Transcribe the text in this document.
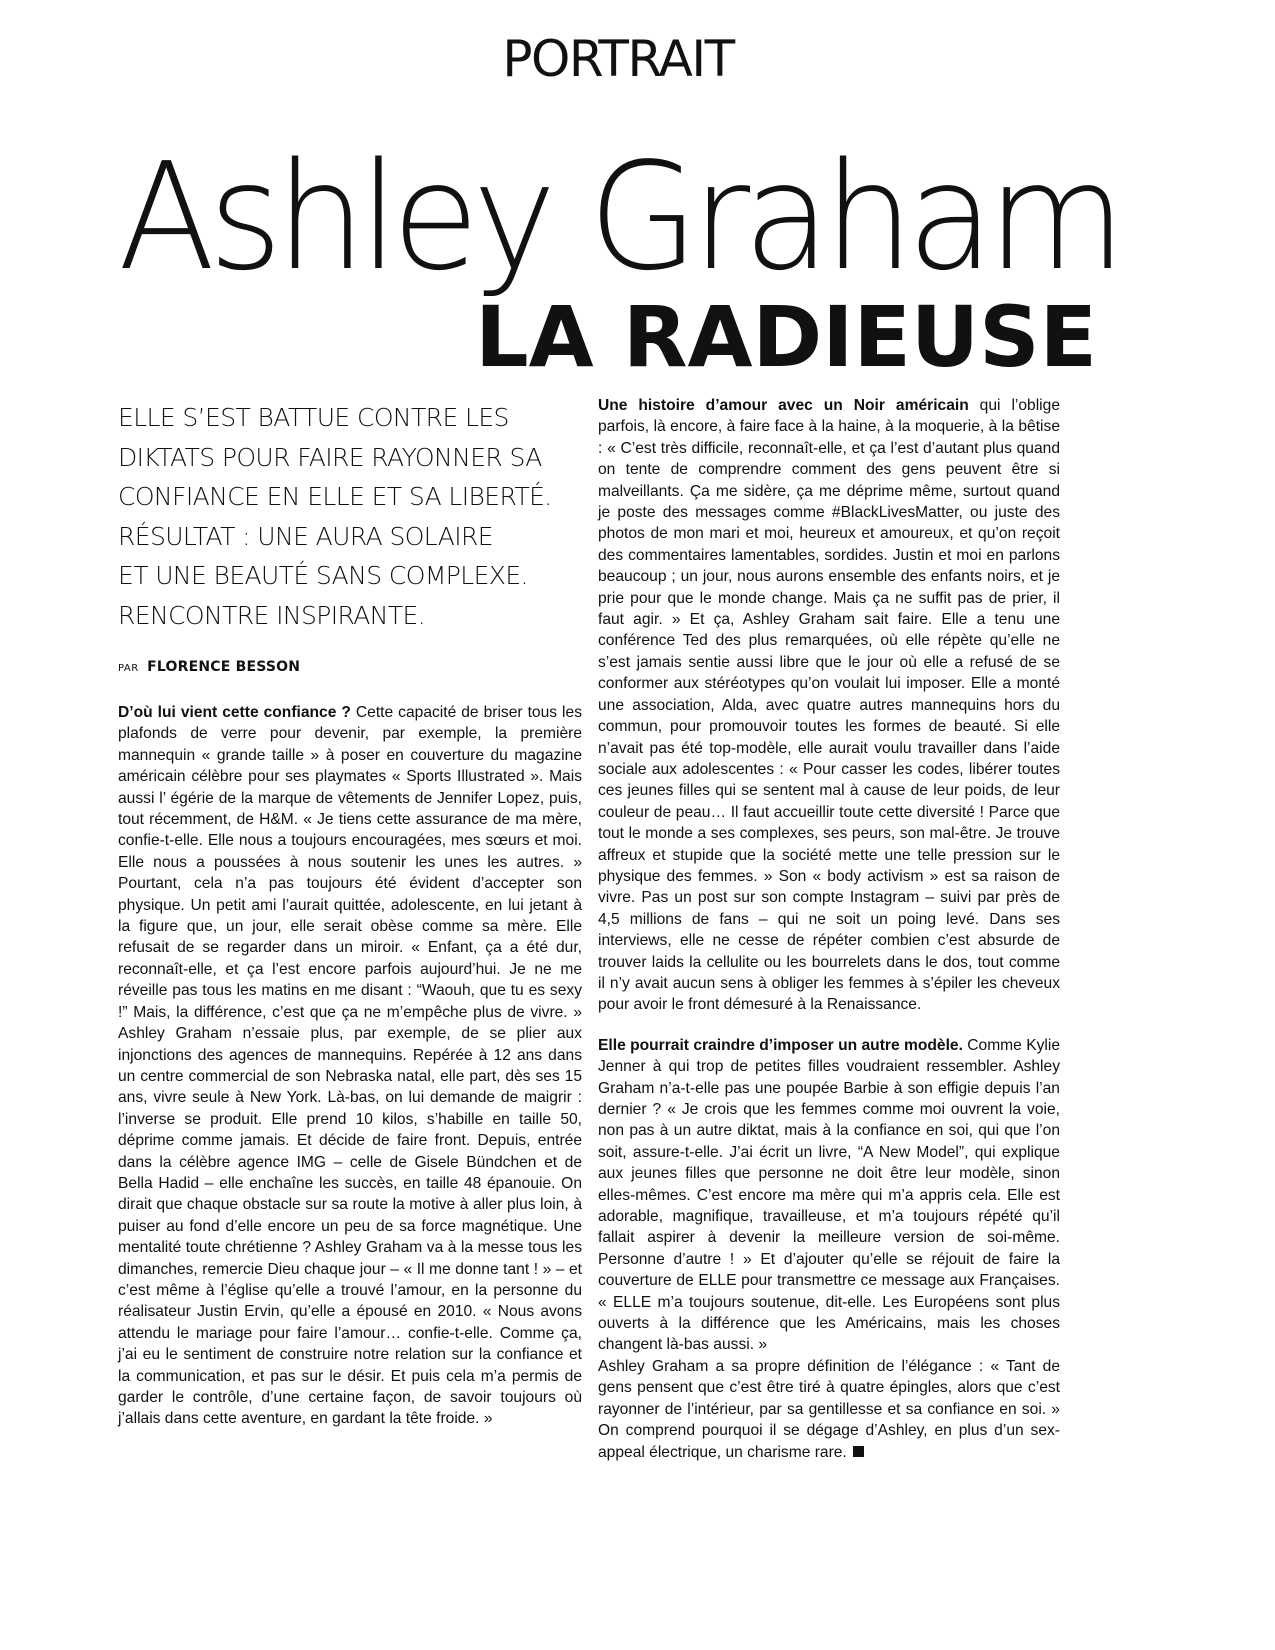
PORTRAIT
Ashley Graham
LA RADIEUSE
ELLE S’EST BATTUE CONTRE LES
DIKTATS POUR FAIRE RAYONNER SA
CONFIANCE EN ELLE ET SA LIBERTÉ.
RÉSULTAT : UNE AURA SOLAIRE
ET UNE BEAUTÉ SANS COMPLEXE.
RENCONTRE INSPIRANTE.
PAR FLORENCE BESSON

D’où lui vient cette confiance ? Cette capacité de briser tous les plafonds de verre pour devenir, par exemple, la première mannequin « grande taille » à poser en couverture du magazine américain célèbre pour ses playmates « Sports Illustrated ». Mais aussi l’ égérie de la marque de vêtements de Jennifer Lopez, puis, tout récemment, de H&M. « Je tiens cette assurance de ma mère, confie-t-elle. Elle nous a toujours encouragées, mes sœurs et moi. Elle nous a poussées à nous soutenir les unes les autres. » Pourtant, cela n’a pas toujours été évident d’accepter son physique. Un petit ami l’aurait quittée, adolescente, en lui jetant à la figure que, un jour, elle serait obèse comme sa mère. Elle refusait de se regarder dans un miroir. « Enfant, ça a été dur, reconnaît-elle, et ça l’est encore parfois aujourd’hui. Je ne me réveille pas tous les matins en me disant : “Waouh, que tu es sexy !” Mais, la différence, c’est que ça ne m’empêche plus de vivre. » Ashley Graham n’essaie plus, par exemple, de se plier aux injonctions des agences de mannequins. Repérée à 12 ans dans un centre commercial de son Nebraska natal, elle part, dès ses 15 ans, vivre seule à New York. Là-bas, on lui demande de maigrir : l’inverse se produit. Elle prend 10 kilos, s’habille en taille 50, déprime comme jamais. Et décide de faire front. Depuis, entrée dans la célèbre agence IMG – celle de Gisele Bündchen et de Bella Hadid – elle enchaîne les succès, en taille 48 épanouie. On dirait que chaque obstacle sur sa route la motive à aller plus loin, à puiser au fond d’elle encore un peu de sa force magnétique. Une mentalité toute chrétienne ? Ashley Graham va à la messe tous les dimanches, remercie Dieu chaque jour – « Il me donne tant ! » – et c’est même à l’église qu’elle a trouvé l’amour, en la personne du réalisateur Justin Ervin, qu’elle a épousé en 2010. « Nous avons attendu le mariage pour faire l’amour… confie-t-elle. Comme ça, j’ai eu le sentiment de construire notre relation sur la confiance et la communication, et pas sur le désir. Et puis cela m’a permis de garder le contrôle, d’une certaine façon, de savoir toujours où j’allais dans cette aventure, en gardant la tête froide. »

Une histoire d’amour avec un Noir américain qui l’oblige parfois, là encore, à faire face à la haine, à la moquerie, à la bêtise : « C’est très difficile, reconnaît-elle, et ça l’est d’autant plus quand on tente de comprendre comment des gens peuvent être si malveillants. Ça me sidère, ça me déprime même, surtout quand je poste des messages comme #BlackLivesMatter, ou juste des photos de mon mari et moi, heureux et amoureux, et qu’on reçoit des commentaires lamentables, sordides. Justin et moi en parlons beaucoup ; un jour, nous aurons ensemble des enfants noirs, et je prie pour que le monde change. Mais ça ne suffit pas de prier, il faut agir. » Et ça, Ashley Graham sait faire. Elle a tenu une conférence Ted des plus remarquées, où elle répète qu’elle ne s’est jamais sentie aussi libre que le jour où elle a refusé de se conformer aux stéréotypes qu’on voulait lui imposer. Elle a monté une association, Alda, avec quatre autres mannequins hors du commun, pour promouvoir toutes les formes de beauté. Si elle n’avait pas été top-modèle, elle aurait voulu travailler dans l’aide sociale aux adolescentes : « Pour casser les codes, libérer toutes ces jeunes filles qui se sentent mal à cause de leur poids, de leur couleur de peau… Il faut accueillir toute cette diversité ! Parce que tout le monde a ses complexes, ses peurs, son mal-être. Je trouve affreux et stupide que la société mette une telle pression sur le physique des femmes. » Son « body activism » est sa raison de vivre. Pas un post sur son compte Instagram – suivi par près de 4,5 millions de fans – qui ne soit un poing levé. Dans ses interviews, elle ne cesse de répéter combien c’est absurde de trouver laids la cellulite ou les bourrelets dans le dos, tout comme il n’y avait aucun sens à obliger les femmes à s’épiler les cheveux pour avoir le front démesuré à la Renaissance.

Elle pourrait craindre d’imposer un autre modèle. Comme Kylie Jenner à qui trop de petites filles voudraient ressembler. Ashley Graham n’a-t-elle pas une poupée Barbie à son effigie depuis l’an dernier ? « Je crois que les femmes comme moi ouvrent la voie, non pas à un autre diktat, mais à la confiance en soi, qui que l’on soit, assure-t-elle. J’ai écrit un livre, “A New Model”, qui explique aux jeunes filles que personne ne doit être leur modèle, sinon elles-mêmes. C’est encore ma mère qui m’a appris cela. Elle est adorable, magnifique, travailleuse, et m’a toujours répété qu’il fallait aspirer à devenir la meilleure version de soi-même. Personne d’autre ! » Et d’ajouter qu’elle se réjouit de faire la couverture de ELLE pour transmettre ce message aux Françaises. « ELLE m’a toujours soutenue, dit-elle. Les Européens sont plus ouverts à la différence que les Américains, mais les choses changent là-bas aussi. »

Ashley Graham a sa propre définition de l’élégance : « Tant de gens pensent que c’est être tiré à quatre épingles, alors que c’est rayonner de l’intérieur, par sa gentillesse et sa confiance en soi. » On comprend pourquoi il se dégage d’Ashley, en plus d’un sex-appeal électrique, un charisme rare.
